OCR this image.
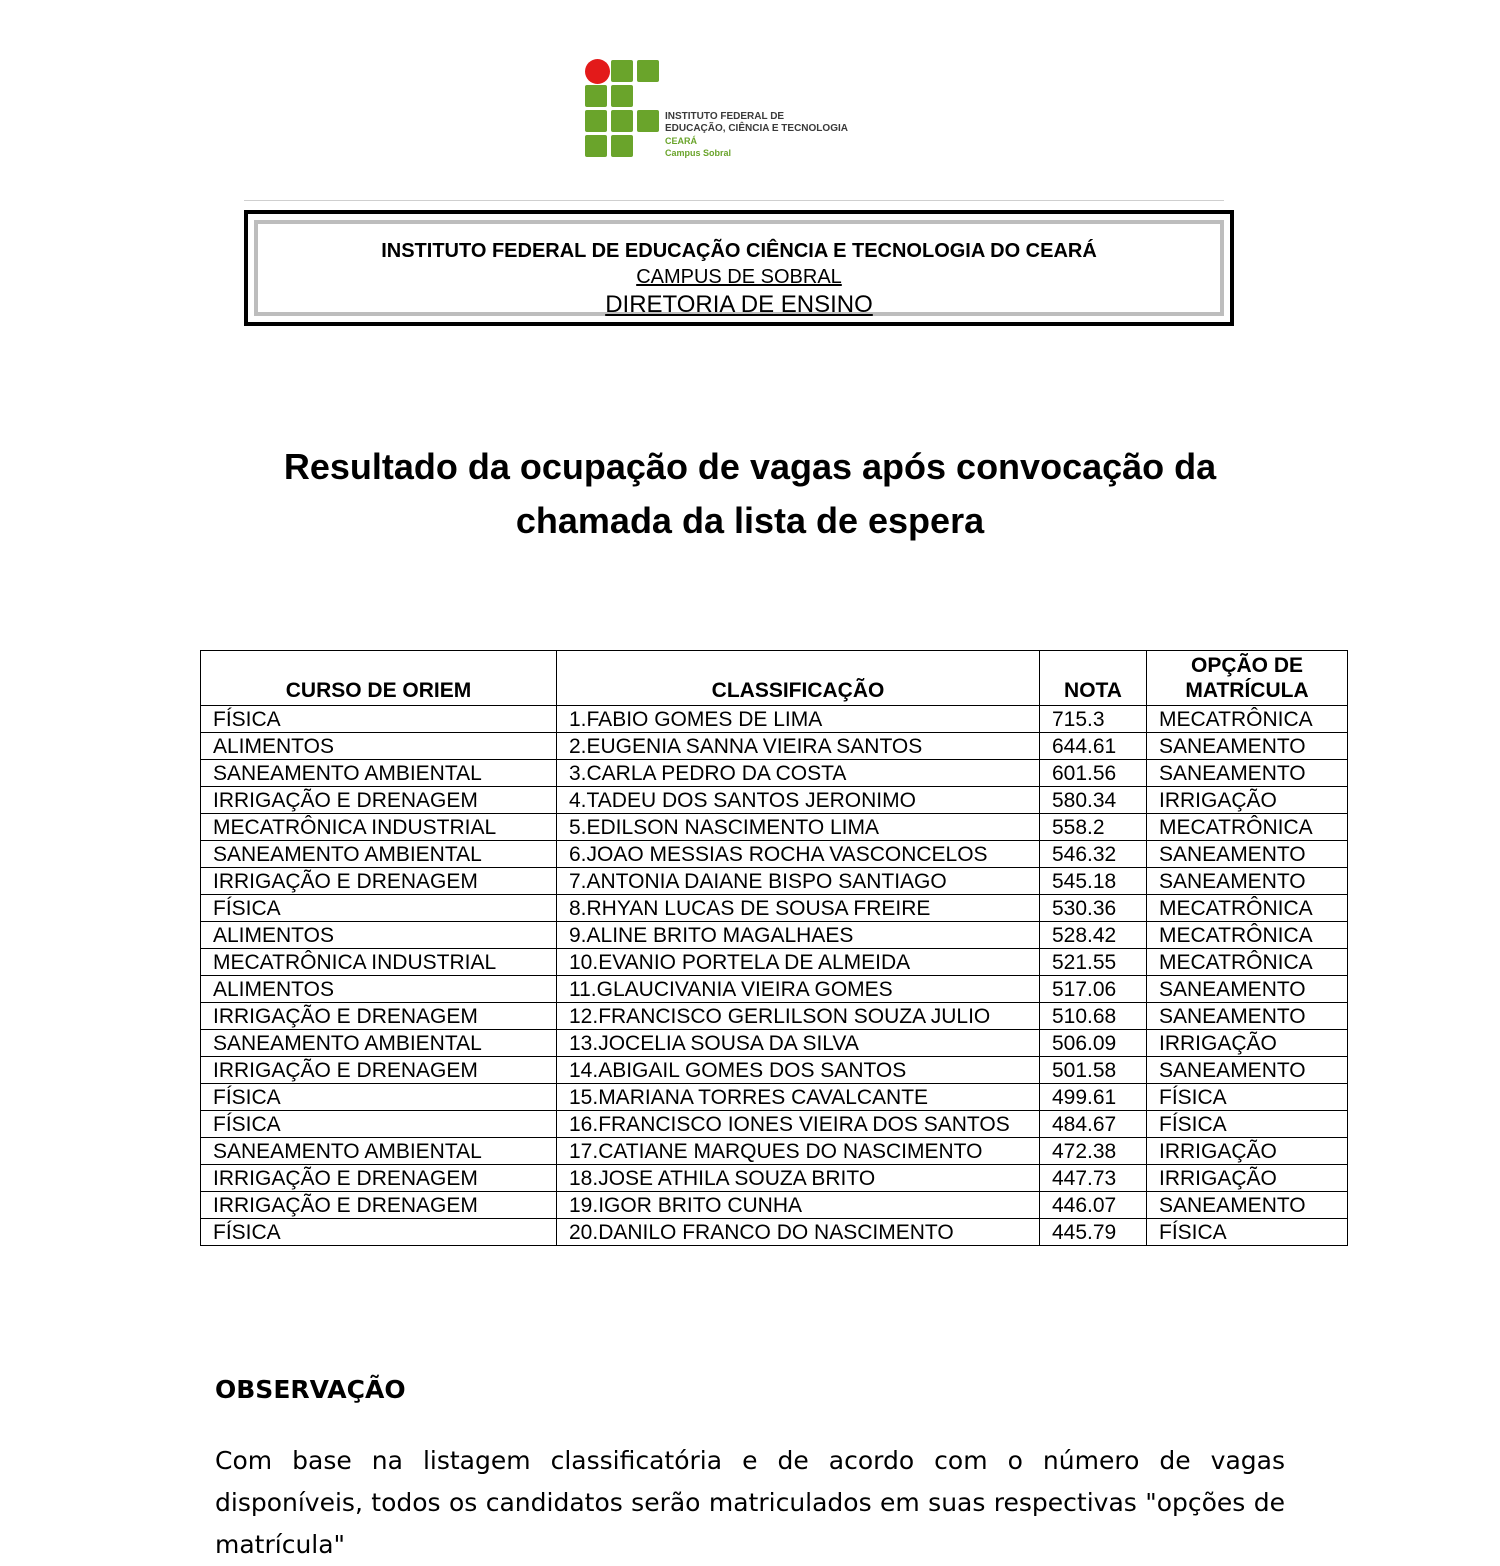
INSTITUTO FEDERAL DE
EDUCAÇÃO, CIÊNCIA E TECNOLOGIA
CEARÁ
Campus Sobral
INSTITUTO FEDERAL DE EDUCAÇÃO CIÊNCIA E TECNOLOGIA DO CEARÁ
CAMPUS DE SOBRAL
DIRETORIA DE ENSINO
Resultado da ocupação de vagas após convocação da
chamada da lista de espera
CURSO DE ORIEM	CLASSIFICAÇÃO	NOTA	OPÇÃO DE MATRÍCULA
FÍSICA	1.FABIO GOMES DE LIMA	715.3	MECATRÔNICA
ALIMENTOS	2.EUGENIA SANNA VIEIRA SANTOS	644.61	SANEAMENTO
SANEAMENTO AMBIENTAL	3.CARLA PEDRO DA COSTA	601.56	SANEAMENTO
IRRIGAÇÃO E DRENAGEM	4.TADEU DOS SANTOS JERONIMO	580.34	IRRIGAÇÃO
MECATRÔNICA INDUSTRIAL	5.EDILSON NASCIMENTO LIMA	558.2	MECATRÔNICA
SANEAMENTO AMBIENTAL	6.JOAO MESSIAS ROCHA VASCONCELOS	546.32	SANEAMENTO
IRRIGAÇÃO E DRENAGEM	7.ANTONIA DAIANE BISPO SANTIAGO	545.18	SANEAMENTO
FÍSICA	8.RHYAN LUCAS DE SOUSA FREIRE	530.36	MECATRÔNICA
ALIMENTOS	9.ALINE BRITO MAGALHAES	528.42	MECATRÔNICA
MECATRÔNICA INDUSTRIAL	10.EVANIO PORTELA DE ALMEIDA	521.55	MECATRÔNICA
ALIMENTOS	11.GLAUCIVANIA VIEIRA GOMES	517.06	SANEAMENTO
IRRIGAÇÃO E DRENAGEM	12.FRANCISCO GERLILSON SOUZA JULIO	510.68	SANEAMENTO
SANEAMENTO AMBIENTAL	13.JOCELIA SOUSA DA SILVA	506.09	IRRIGAÇÃO
IRRIGAÇÃO E DRENAGEM	14.ABIGAIL GOMES DOS SANTOS	501.58	SANEAMENTO
FÍSICA	15.MARIANA TORRES CAVALCANTE	499.61	FÍSICA
FÍSICA	16.FRANCISCO IONES VIEIRA DOS SANTOS	484.67	FÍSICA
SANEAMENTO AMBIENTAL	17.CATIANE MARQUES DO NASCIMENTO	472.38	IRRIGAÇÃO
IRRIGAÇÃO E DRENAGEM	18.JOSE ATHILA SOUZA BRITO	447.73	IRRIGAÇÃO
IRRIGAÇÃO E DRENAGEM	19.IGOR BRITO CUNHA	446.07	SANEAMENTO
FÍSICA	20.DANILO FRANCO DO NASCIMENTO	445.79	FÍSICA
OBSERVAÇÃO
Com base na listagem classificatória e de acordo com o número de vagas disponíveis, todos os candidatos serão matriculados em suas respectivas "opções de matrícula"
